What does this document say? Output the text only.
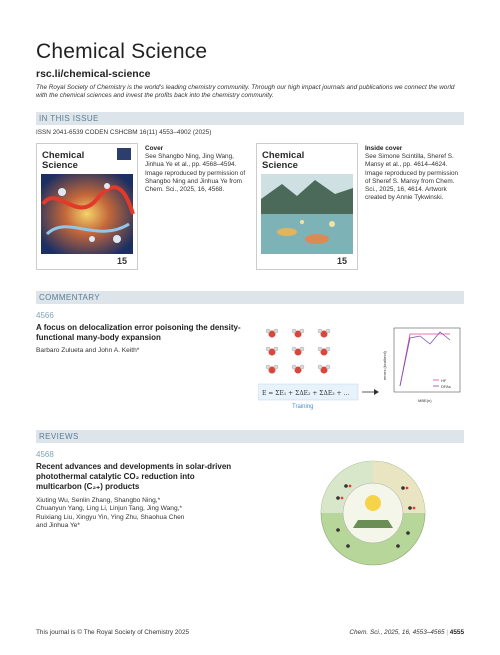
Chemical Science
rsc.li/chemical-science
The Royal Society of Chemistry is the world's leading chemistry community. Through our high impact journals and publications we connect the world with the chemical sciences and invest the profits back into the chemistry community.
IN THIS ISSUE
ISSN 2041-6539 CODEN CSHCBM 16(11) 4553–4902 (2025)
15
Chemical Science
Cover
See Shangbo Ning, Jing Wang, Jinhua Ye et al., pp. 4568–4594. Image reproduced by permission of Shangbo Ning and Jinhua Ye from Chem. Sci., 2025, 16, 4568.
15
Chemical Science
Inside cover
See Simone Scintilla, Sheref S. Mansy et al., pp. 4614–4624. Image reproduced by permission of Sheref S. Mansy from Chem. Sci., 2025, 16, 4614. Artwork created by Annie Tykwinski.
COMMENTARY
4566
A focus on delocalization error poisoning the density-functional many-body expansion
Barbaro Zulueta and John A. Keith*
E = ΣE₁ + ΣΔE₂ + ΣΔE₃ + …
Training
errors (kcal/mol)
MBE(n)
HF
DFAs
REVIEWS
4568
Recent advances and developments in solar-driven
photothermal catalytic CO₂ reduction into
multicarbon (C₂₊) products
Xiuting Wu, Senlin Zhang, Shangbo Ning,*
Chuanyun Yang, Ling Li, Linjun Tang, Jing Wang,*
Ruixiang Liu, Xingyu Yin, Ying Zhu, Shaohua Chen
and Jinhua Ye*
This journal is © The Royal Society of Chemistry 2025	Chem. Sci., 2025, 16, 4553–4565 | 4555
